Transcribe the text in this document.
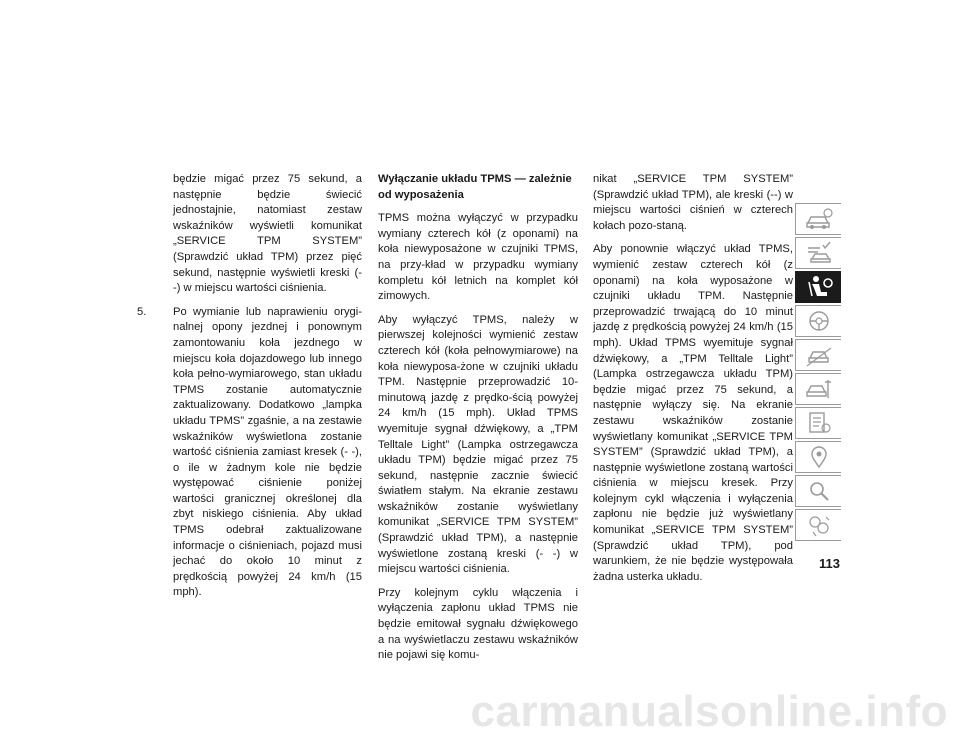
będzie migać przez 75 sekund, a następnie będzie świecić jednostajnie, natomiast zestaw wskaźników wyświetli komunikat „SERVICE TPM SYSTEM” (Sprawdzić układ TPM) przez pięć sekund, następnie wyświetli kreski (- -) w miejscu wartości ciśnienia.

5. Po wymianie lub naprawieniu orygi-nalnej opony jezdnej i ponownym zamontowaniu koła jezdnego w miejscu koła dojazdowego lub innego koła pełno-wymiarowego, stan układu TPMS zostanie automatycznie zaktualizowany. Dodatkowo „lampka układu TPMS” zgaśnie, a na zestawie wskaźników wyświetlona zostanie wartość ciśnienia zamiast kresek (- -), o ile w żadnym kole nie będzie występować ciśnienie poniżej wartości granicznej określonej dla zbyt niskiego ciśnienia. Aby układ TPMS odebrał zaktualizowane informacje o ciśnieniach, pojazd musi jechać do około 10 minut z prędkością powyżej 24 km/h (15 mph).

Wyłączanie układu TPMS — zależnie od wyposażenia

TPMS można wyłączyć w przypadku wymiany czterech kół (z oponami) na koła niewyposażone w czujniki TPMS, na przy-kład w przypadku wymiany kompletu kół letnich na komplet kół zimowych.

Aby wyłączyć TPMS, należy w pierwszej kolejności wymienić zestaw czterech kół (koła pełnowymiarowe) na koła niewyposa-żone w czujniki układu TPM. Następnie przeprowadzić 10-minutową jazdę z prędko-ścią powyżej 24 km/h (15 mph). Układ TPMS wyemituje sygnał dźwiękowy, a „TPM Telltale Light” (Lampka ostrzegawcza układu TPM) będzie migać przez 75 sekund, następnie zacznie świecić światłem stałym. Na ekranie zestawu wskaźników zostanie wyświetlany komunikat „SERVICE TPM SYSTEM” (Sprawdzić układ TPM), a następnie wyświetlone zostaną kreski (- -) w miejscu wartości ciśnienia.

Przy kolejnym cyklu włączenia i wyłączenia zapłonu układ TPMS nie będzie emitował sygnału dźwiękowego a na wyświetlaczu zestawu wskaźników nie pojawi się komu-

nikat „SERVICE TPM SYSTEM” (Sprawdzić układ TPM), ale kreski (--) w miejscu wartości ciśnień w czterech kołach pozo-staną.

Aby ponownie włączyć układ TPMS, wymienić zestaw czterech kół (z oponami) na koła wyposażone w czujniki układu TPM. Następnie przeprowadzić trwającą do 10 minut jazdę z prędkością powyżej 24 km/h (15 mph). Układ TPMS wyemituje sygnał dźwiękowy, a „TPM Telltale Light” (Lampka ostrzegawcza układu TPM) będzie migać przez 75 sekund, a następnie wyłączy się. Na ekranie zestawu wskaźników zostanie wyświetlany komunikat „SERVICE TPM SYSTEM” (Sprawdzić układ TPM), a następnie wyświetlone zostaną wartości ciśnienia w miejscu kresek. Przy kolejnym cykl włączenia i wyłączenia zapłonu nie będzie już wyświetlany komunikat „SERVICE TPM SYSTEM” (Sprawdzić układ TPM), pod warunkiem, że nie będzie występowała żadna usterka układu.

113
carmanualsonline.info
